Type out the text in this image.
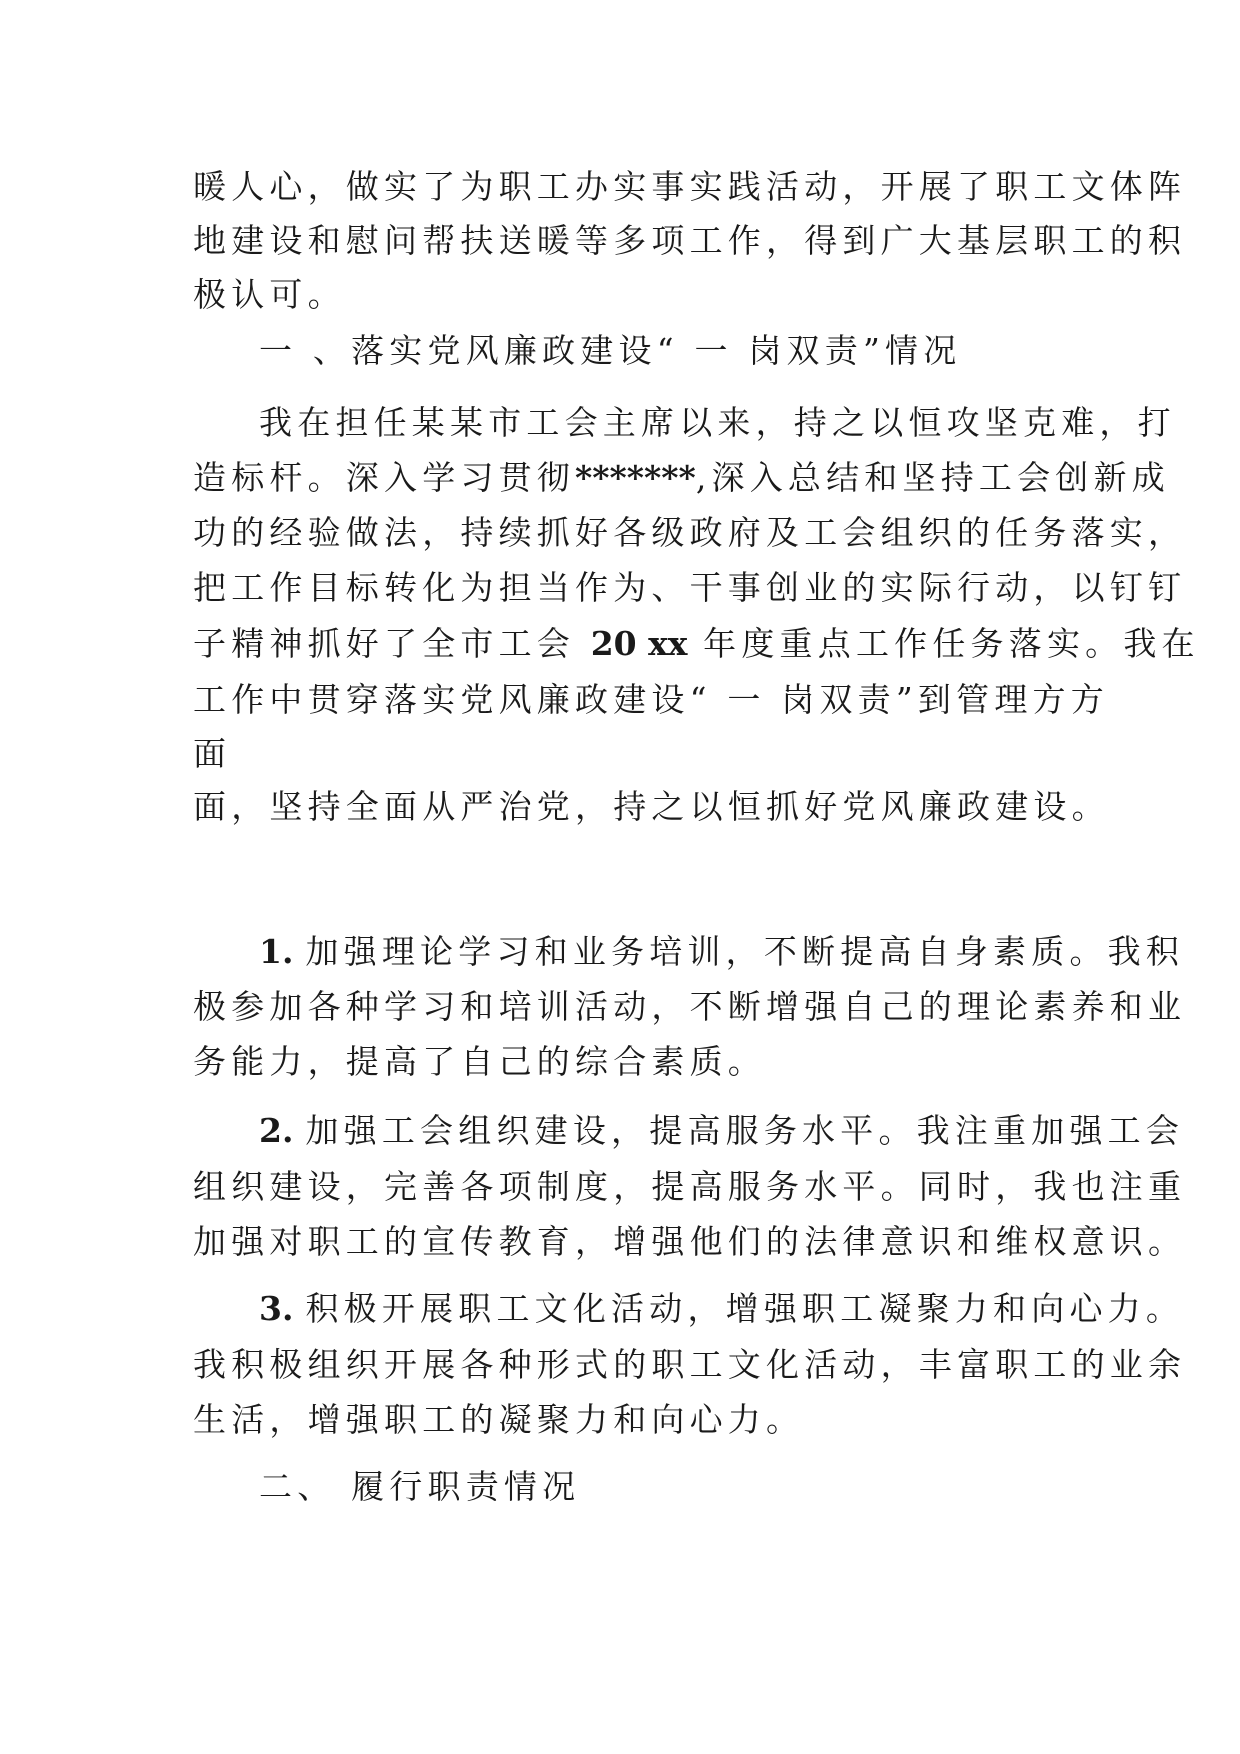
暖人心，做实了为职工办实事实践活动，开展了职工文体阵
地建设和慰问帮扶送暖等多项工作，得到广大基层职工的积
极认可。
一 、落实党风廉政建设“ 一 岗双责”情况
我在担任某某市工会主席以来，持之以恒攻坚克难，打
造标杆。深入学习贯彻*******,深入总结和坚持工会创新成
功的经验做法，持续抓好各级政府及工会组织的任务落实，
把工作目标转化为担当作为、干事创业的实际行动，以钉钉
子精神抓好了全市工会 20 xx 年度重点工作任务落实。我在
工作中贯穿落实党风廉政建设“ 一 岗双责”到管理方方
面
面，坚持全面从严治党，持之以恒抓好党风廉政建设。
1. 加强理论学习和业务培训，不断提高自身素质。我积
极参加各种学习和培训活动，不断增强自己的理论素养和业
务能力，提高了自己的综合素质。
2. 加强工会组织建设，提高服务水平。我注重加强工会
组织建设，完善各项制度，提高服务水平。同时，我也注重
加强对职工的宣传教育，增强他们的法律意识和维权意识。
3. 积极开展职工文化活动，增强职工凝聚力和向心力。
我积极组织开展各种形式的职工文化活动，丰富职工的业余
生活，增强职工的凝聚力和向心力。
二、 履行职责情况
